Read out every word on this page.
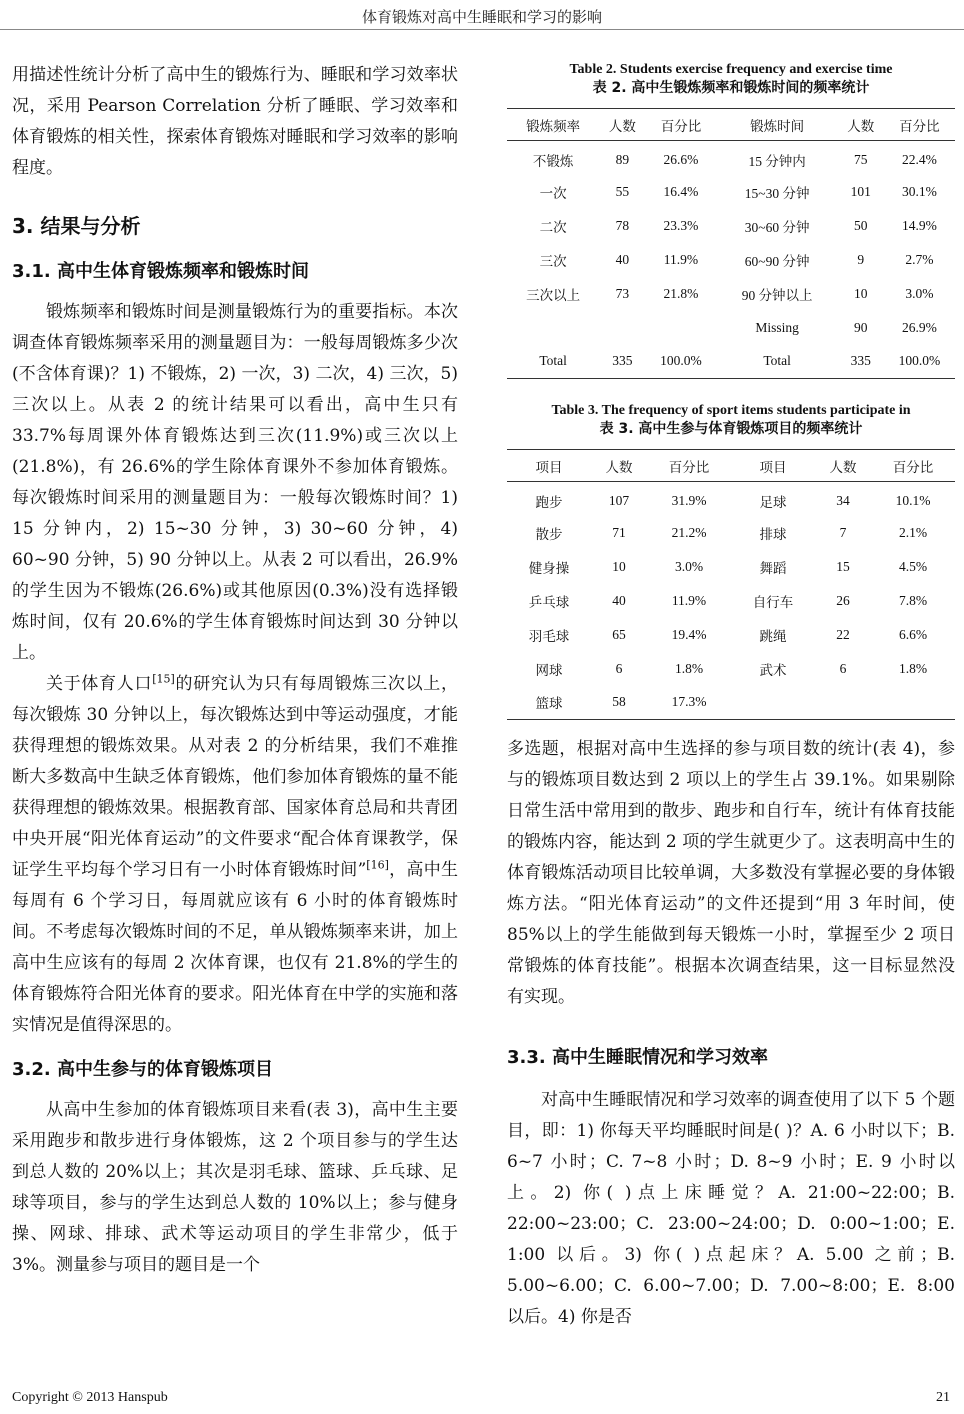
体育锻炼对高中生睡眠和学习的影响

用描述性统计分析了高中生的锻炼行为、睡眠和学习效率状况，采用 Pearson Correlation 分析了睡眠、学习效率和体育锻炼的相关性，探索体育锻炼对睡眠和学习效率的影响程度。

3. 结果与分析
3.1. 高中生体育锻炼频率和锻炼时间

锻炼频率和锻炼时间是测量锻炼行为的重要指标。本次调查体育锻炼频率采用的测量题目为：一般每周锻炼多少次(不含体育课)？1) 不锻炼，2) 一次，3) 二次，4) 三次，5) 三次以上。从表 2 的统计结果可以看出，高中生只有 33.7%每周课外体育锻炼达到三次(11.9%)或三次以上(21.8%)，有 26.6%的学生除体育课外不参加体育锻炼。每次锻炼时间采用的测量题目为：一般每次锻炼时间？1) 15 分钟内，2) 15~30 分钟，3) 30~60 分钟，4) 60~90 分钟，5) 90 分钟以上。从表 2 可以看出，26.9%的学生因为不锻炼(26.6%)或其他原因(0.3%)没有选择锻炼时间，仅有 20.6%的学生体育锻炼时间达到 30 分钟以上。

关于体育人口[15]的研究认为只有每周锻炼三次以上，每次锻炼 30 分钟以上，每次锻炼达到中等运动强度，才能获得理想的锻炼效果。从对表 2 的分析结果，我们不难推断大多数高中生缺乏体育锻炼，他们参加体育锻炼的量不能获得理想的锻炼效果。根据教育部、国家体育总局和共青团中央开展“阳光体育运动”的文件要求“配合体育课教学，保证学生平均每个学习日有一小时体育锻炼时间”[16]，高中生每周有 6 个学习日，每周就应该有 6 小时的体育锻炼时间。不考虑每次锻炼时间的不足，单从锻炼频率来讲，加上高中生应该有的每周 2 次体育课，也仅有 21.8%的学生的体育锻炼符合阳光体育的要求。阳光体育在中学的实施和落实情况是值得深思的。

3.2. 高中生参与的体育锻炼项目

从高中生参加的体育锻炼项目来看(表 3)，高中生主要采用跑步和散步进行身体锻炼，这 2 个项目参与的学生达到总人数的 20%以上；其次是羽毛球、篮球、乒乓球、足球等项目，参与的学生达到总人数的 10%以上；参与健身操、网球、排球、武术等运动项目的学生非常少，低于 3%。测量参与项目的题目是一个

Table 2. Students exercise frequency and exercise time
表 2. 高中生锻炼频率和锻炼时间的频率统计
锻炼频率	人数	百分比	锻炼时间	人数	百分比
不锻炼	89	26.6%	15 分钟内	75	22.4%
一次	55	16.4%	15~30 分钟	101	30.1%
二次	78	23.3%	30~60 分钟	50	14.9%
三次	40	11.9%	60~90 分钟	9	2.7%
三次以上	73	21.8%	90 分钟以上	10	3.0%
			Missing	90	26.9%
Total	335	100.0%	Total	335	100.0%
Table 3. The frequency of sport items students participate in
表 3. 高中生参与体育锻炼项目的频率统计
项目	人数	百分比	项目	人数	百分比
跑步	107	31.9%	足球	34	10.1%
散步	71	21.2%	排球	7	2.1%
健身操	10	3.0%	舞蹈	15	4.5%
乒乓球	40	11.9%	自行车	26	7.8%
羽毛球	65	19.4%	跳绳	22	6.6%
网球	6	1.8%	武术	6	1.8%
篮球	58	17.3%			

多选题，根据对高中生选择的参与项目数的统计(表 4)，参与的锻炼项目数达到 2 项以上的学生占 39.1%。如果剔除日常生活中常用到的散步、跑步和自行车，统计有体育技能的锻炼内容，能达到 2 项的学生就更少了。这表明高中生的体育锻炼活动项目比较单调，大多数没有掌握必要的身体锻炼方法。“阳光体育运动”的文件还提到“用 3 年时间，使 85%以上的学生能做到每天锻炼一小时，掌握至少 2 项日常锻炼的体育技能”。根据本次调查结果，这一目标显然没有实现。

3.3. 高中生睡眠情况和学习效率

对高中生睡眠情况和学习效率的调查使用了以下 5 个题目，即：1) 你每天平均睡眠时间是( )？A. 6 小时以下；B. 6~7 小时；C. 7~8 小时；D. 8~9 小时；E. 9 小时以上。2) 你( )点上床睡觉？A. 21:00~22:00；B. 22:00~23:00；C. 23:00~24:00；D. 0:00~1:00；E. 1:00 以后。3) 你( )点起床？A. 5.00 之前；B. 5.00~6.00；C. 6.00~7.00；D. 7.00~8:00；E. 8:00 以后。4) 你是否

Copyright © 2013 Hanspub	21
